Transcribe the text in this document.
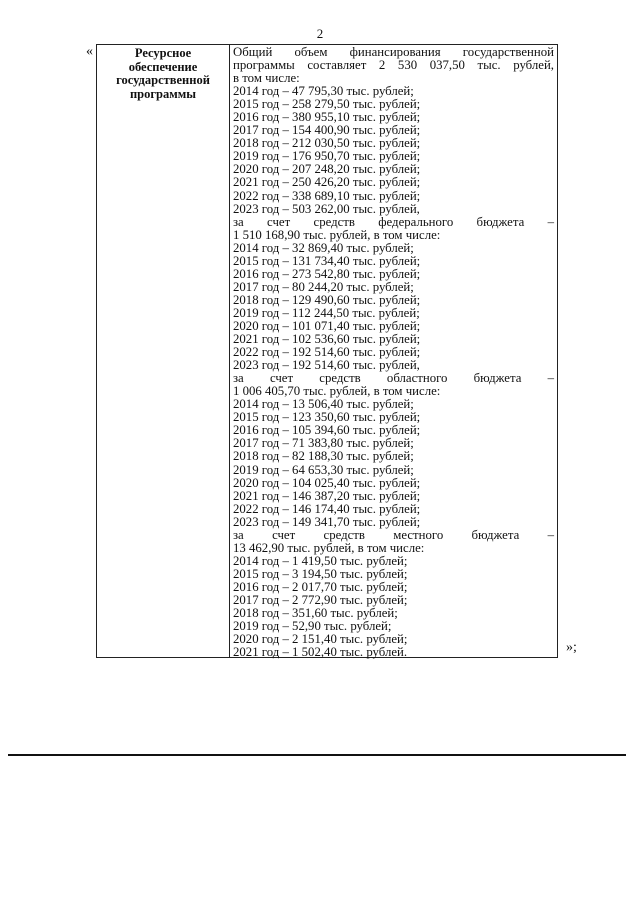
2
«	Ресурсное
обеспечение
государственной
программы
Общий объем финансирования государственной
программы составляет 2 530 037,50 тыс. рублей,
в том числе:
2014 год – 47 795,30 тыс. рублей;
2015 год – 258 279,50 тыс. рублей;
2016 год – 380 955,10 тыс. рублей;
2017 год – 154 400,90 тыс. рублей;
2018 год – 212 030,50 тыс. рублей;
2019 год – 176 950,70 тыс. рублей;
2020 год – 207 248,20 тыс. рублей;
2021 год – 250 426,20 тыс. рублей;
2022 год – 338 689,10 тыс. рублей;
2023 год – 503 262,00 тыс. рублей,
за счет средств федерального бюджета –
1 510 168,90 тыс. рублей, в том числе:
2014 год – 32 869,40 тыс. рублей;
2015 год – 131 734,40 тыс. рублей;
2016 год – 273 542,80 тыс. рублей;
2017 год – 80 244,20 тыс. рублей;
2018 год – 129 490,60 тыс. рублей;
2019 год – 112 244,50 тыс. рублей;
2020 год – 101 071,40 тыс. рублей;
2021 год – 102 536,60 тыс. рублей;
2022 год – 192 514,60 тыс. рублей;
2023 год – 192 514,60 тыс. рублей,
за счет средств областного бюджета –
1 006 405,70 тыс. рублей, в том числе:
2014 год – 13 506,40 тыс. рублей;
2015 год – 123 350,60 тыс. рублей;
2016 год – 105 394,60 тыс. рублей;
2017 год – 71 383,80 тыс. рублей;
2018 год – 82 188,30 тыс. рублей;
2019 год – 64 653,30 тыс. рублей;
2020 год – 104 025,40 тыс. рублей;
2021 год – 146 387,20 тыс. рублей;
2022 год – 146 174,40 тыс. рублей;
2023 год – 149 341,70 тыс. рублей;
за счет средств местного бюджета –
13 462,90 тыс. рублей, в том числе:
2014 год – 1 419,50 тыс. рублей;
2015 год – 3 194,50 тыс. рублей;
2016 год – 2 017,70 тыс. рублей;
2017 год – 2 772,90 тыс. рублей;
2018 год – 351,60 тыс. рублей;
2019 год – 52,90 тыс. рублей;
2020 год – 2 151,40 тыс. рублей;
2021 год – 1 502,40 тыс. рублей.	»;
